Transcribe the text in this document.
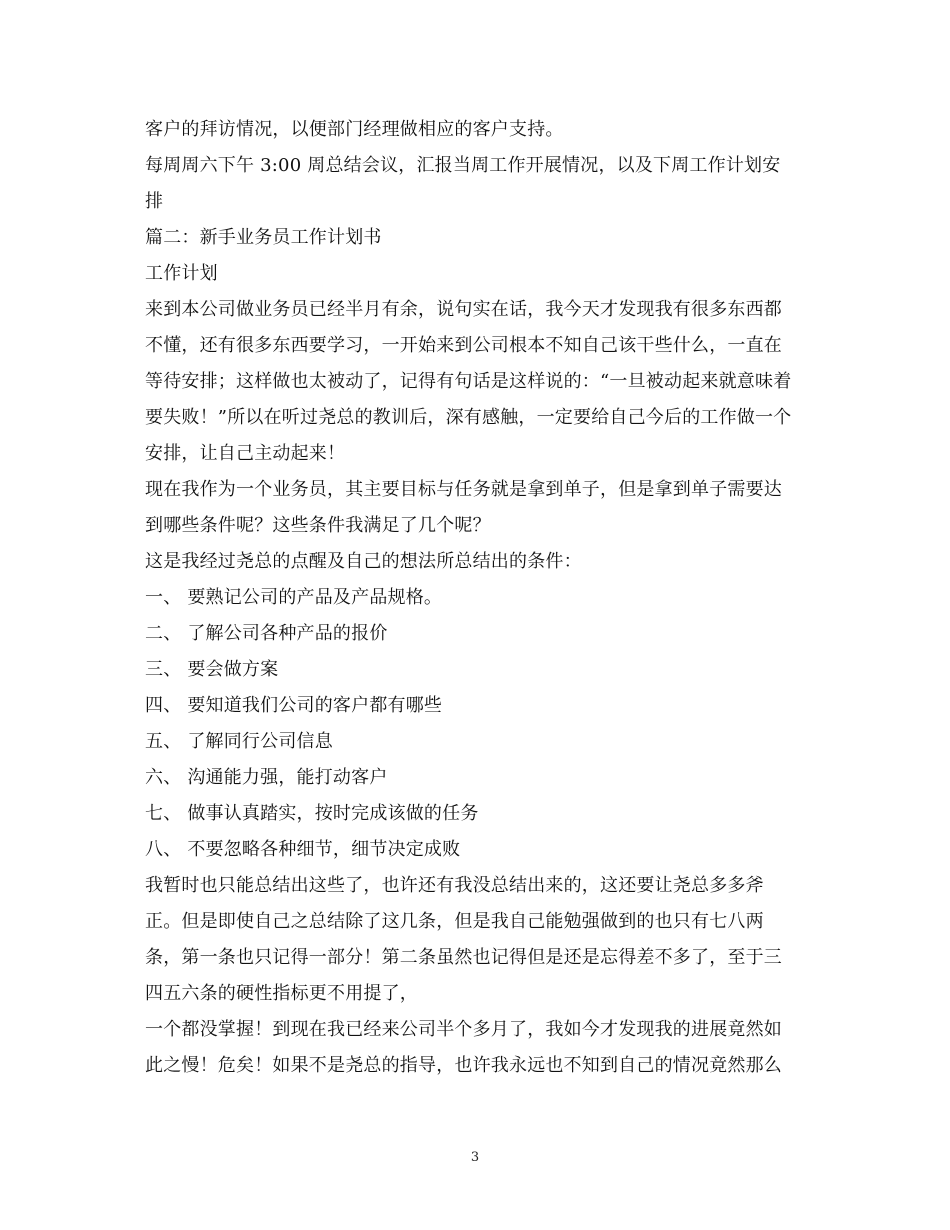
客户的拜访情况，以便部门经理做相应的客户支持。
每周周六下午 3:00 周总结会议，汇报当周工作开展情况，以及下周工作计划安
排
篇二：新手业务员工作计划书
工作计划
来到本公司做业务员已经半月有余，说句实在话，我今天才发现我有很多东西都
不懂，还有很多东西要学习，一开始来到公司根本不知自己该干些什么，一直在
等待安排；这样做也太被动了，记得有句话是这样说的：“一旦被动起来就意味着
要失败！”所以在听过尧总的教训后，深有感触，一定要给自己今后的工作做一个
安排，让自己主动起来！
现在我作为一个业务员，其主要目标与任务就是拿到单子，但是拿到单子需要达
到哪些条件呢？这些条件我满足了几个呢？
这是我经过尧总的点醒及自己的想法所总结出的条件：
一、 要熟记公司的产品及产品规格。
二、 了解公司各种产品的报价
三、 要会做方案
四、 要知道我们公司的客户都有哪些
五、 了解同行公司信息
六、 沟通能力强，能打动客户
七、 做事认真踏实，按时完成该做的任务
八、 不要忽略各种细节，细节决定成败
我暂时也只能总结出这些了，也许还有我没总结出来的，这还要让尧总多多斧
正。但是即使自己之总结除了这几条，但是我自己能勉强做到的也只有七八两
条，第一条也只记得一部分！第二条虽然也记得但是还是忘得差不多了，至于三
四五六条的硬性指标更不用提了，
一个都没掌握！到现在我已经来公司半个多月了，我如今才发现我的进展竟然如
此之慢！危矣！如果不是尧总的指导，也许我永远也不知到自己的情况竟然那么
3
